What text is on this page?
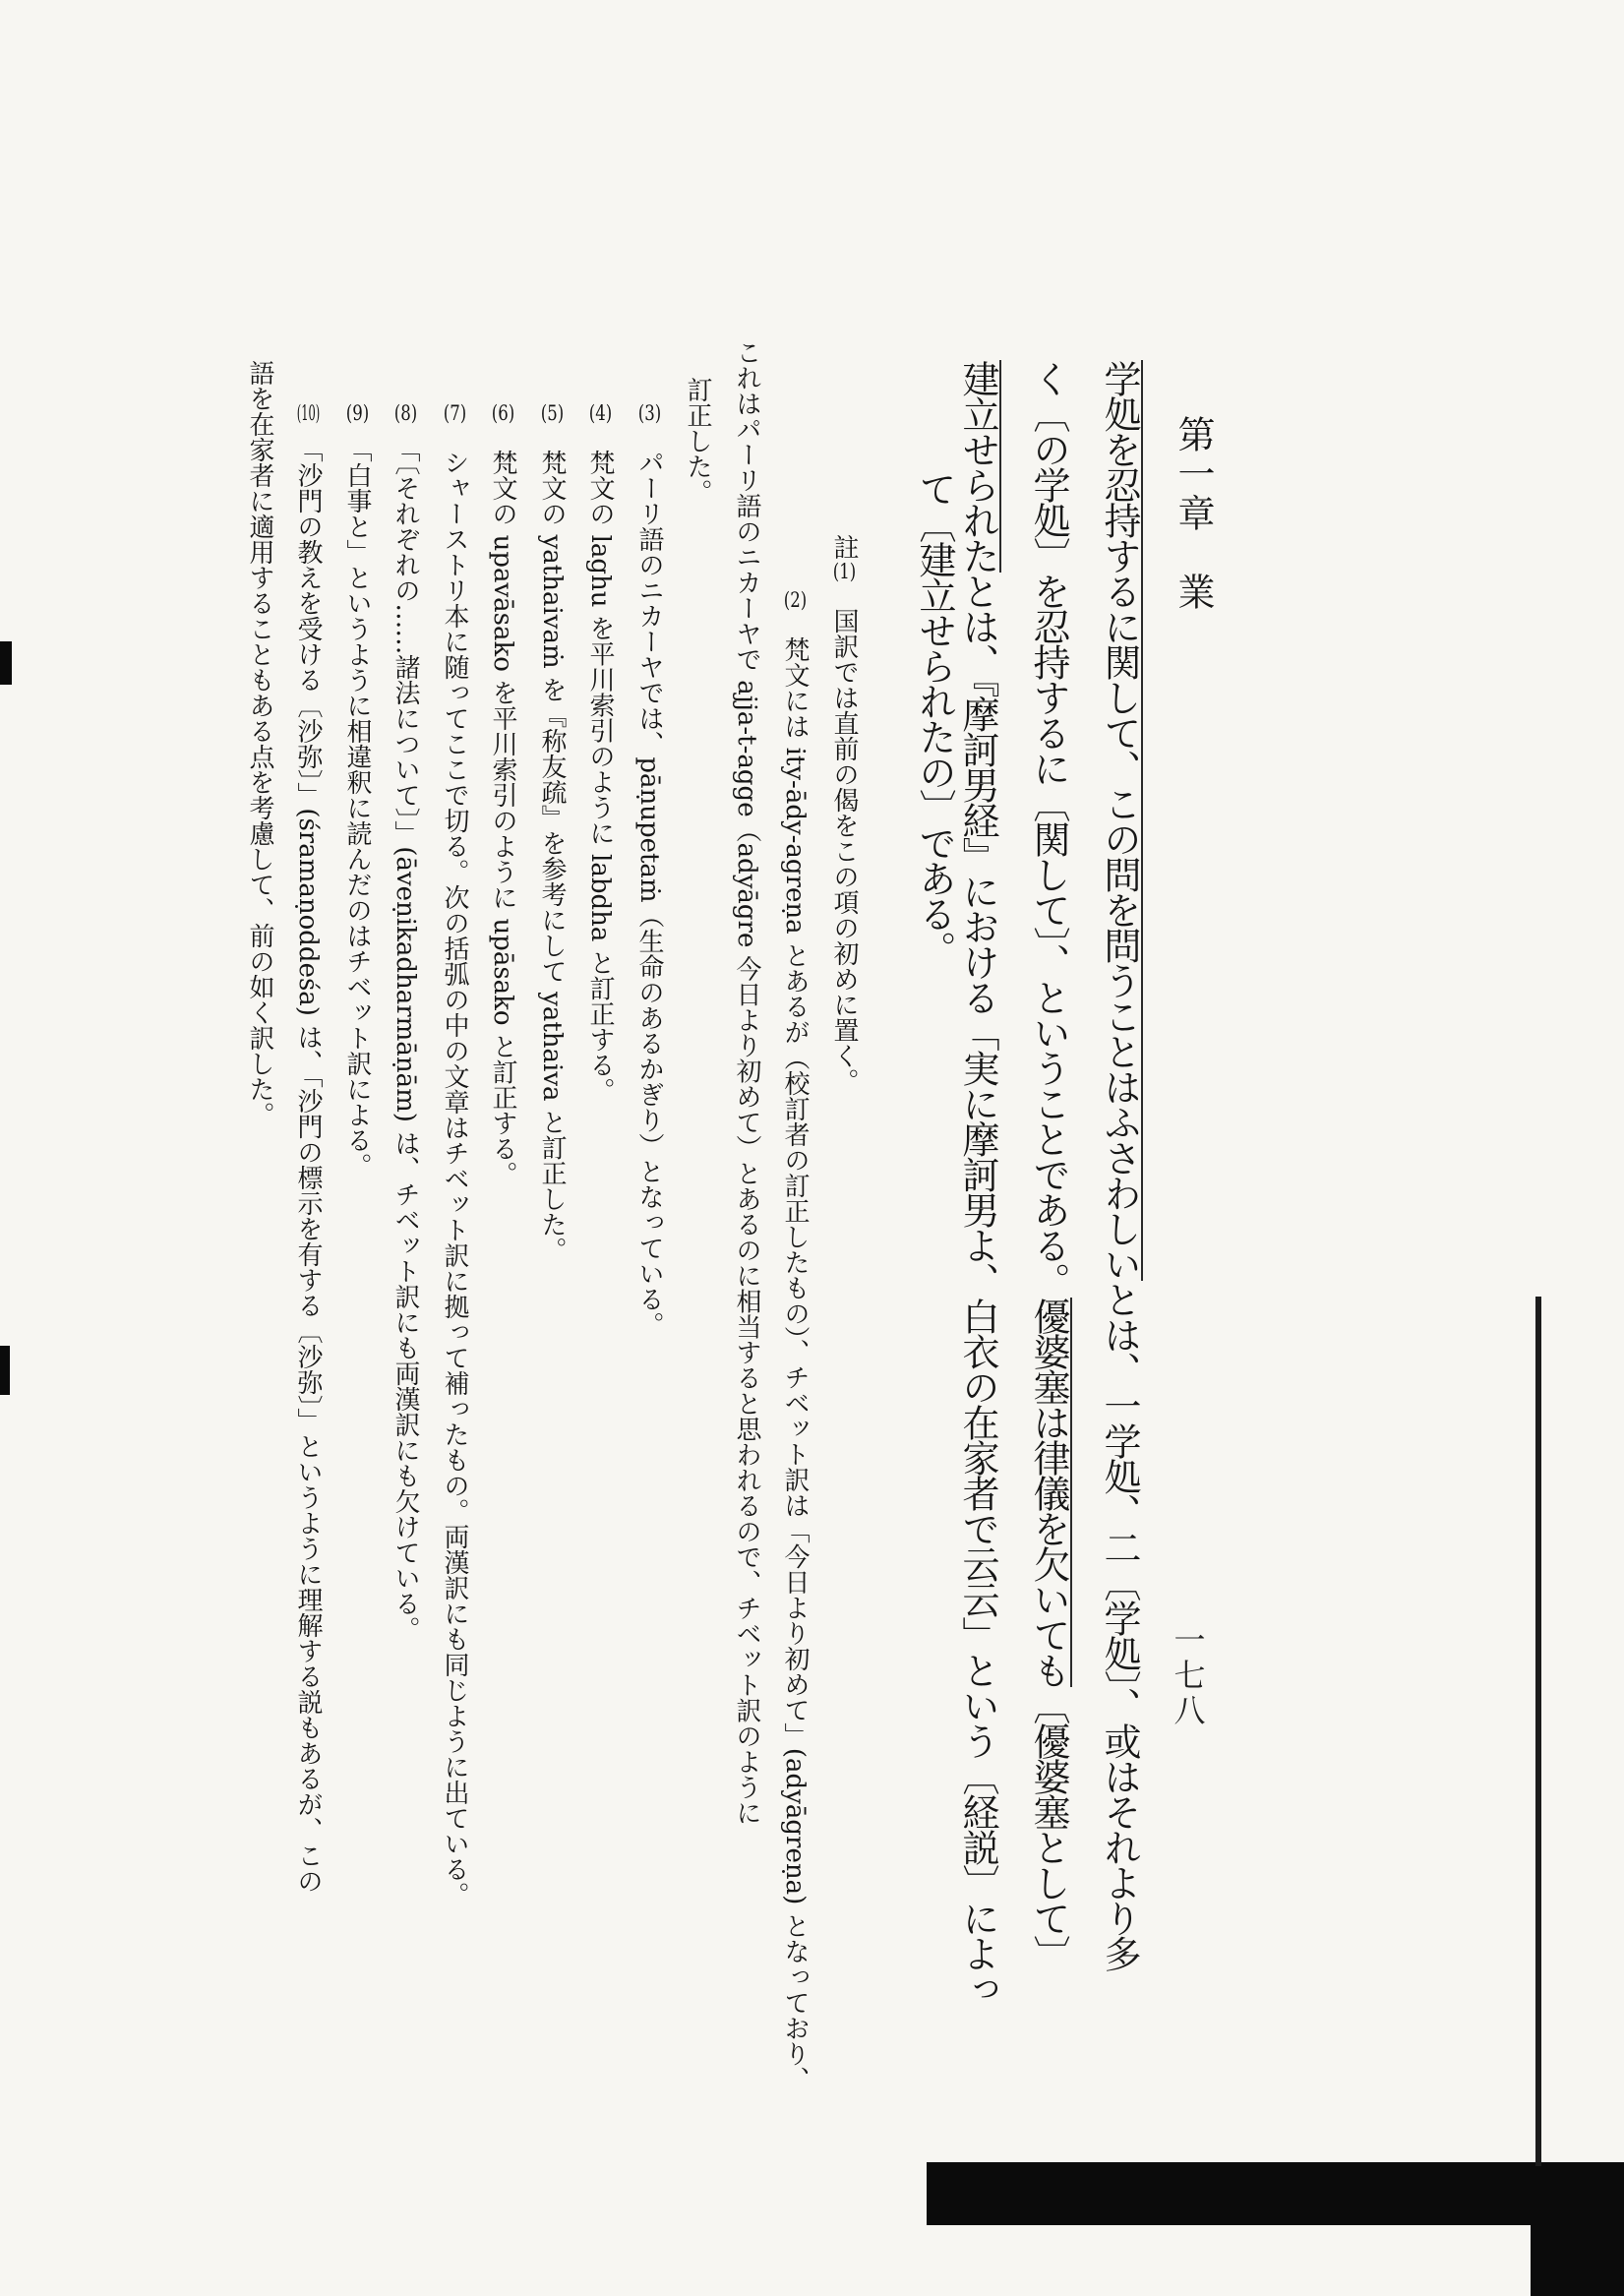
第一章　業
一七八
学処を忍持するに関して、この問を問うことはふさわしいとは、一学処、二〔学処〕、或はそれより多
く〔の学処〕を忍持するに〔関して〕、ということである。優婆塞は律儀を欠いても〔優婆塞として〕
建立せられたとは、『摩訶男経』における「実に摩訶男よ、白衣の在家者で云云」という〔経説〕によっ
て〔建立せられたの〕である。
註(1)　国訳では直前の偈をこの項の初めに置く。
(2)　梵文には ity-ādy-agreṇa とあるが（校訂者の訂正したもの）、チベット訳は「今日より初めて」(adyāgreṇa) となっており、
これはパーリ語のニカーヤで ajja-t-agge（adyāgre 今日より初めて）とあるのに相当すると思われるので、チベット訳のように
訂正した。
(3)　パーリ語のニカーヤでは、pāṇupetaṁ（生命のあるかぎり）となっている。
(4)　梵文の laghu を平川索引のように labdha と訂正する。
(5)　梵文の yathaivaṁ を『称友疏』を参考にして yathaiva と訂正した。
(6)　梵文の upavāsako を平川索引のように upāsako と訂正する。
(7)　シャーストリ本に随ってここで切る。次の括弧の中の文章はチベット訳に拠って補ったもの。両漢訳にも同じように出ている。
(8)　「〔それぞれの……諸法について〕」(āveṇikadharmāṇām) は、チベット訳にも両漢訳にも欠けている。
(9)　「白事と」というように相違釈に読んだのはチベット訳による。
(10)　「沙門の教えを受ける〔沙弥〕」(śramaṇoddeśa) は、「沙門の標示を有する〔沙弥〕」というように理解する説もあるが、この
語を在家者に適用することもある点を考慮して、前の如く訳した。
